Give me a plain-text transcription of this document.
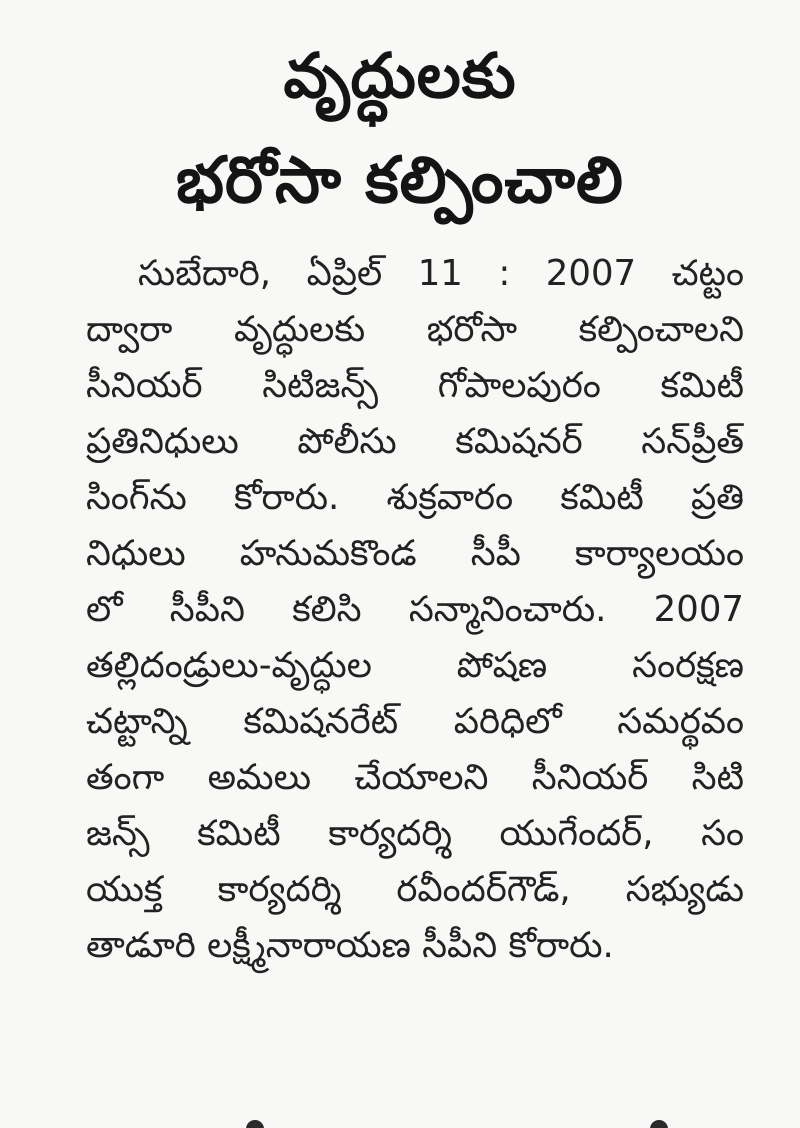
వృద్ధులకు
భరోసా కల్పించాలి
సుబేదారి, ఏప్రిల్ 11 : 2007 చట్టం
ద్వారా వృద్ధులకు భరోసా కల్పించాలని
సీనియర్ సిటిజన్స్ గోపాలపురం కమిటీ
ప్రతినిధులు పోలీసు కమిషనర్ సన్‌ప్రీత్
సింగ్‌ను కోరారు. శుక్రవారం కమిటీ ప్రతి
నిధులు హనుమకొండ సీపీ కార్యాలయం
లో సీపీని కలిసి సన్మానించారు. 2007
తల్లిదండ్రులు-వృద్ధుల పోషణ సంరక్షణ
చట్టాన్ని కమిషనరేట్ పరిధిలో సమర్థవం
తంగా అమలు చేయాలని సీనియర్ సిటి
జన్స్ కమిటీ కార్యదర్శి యుగేందర్, సం
యుక్త కార్యదర్శి రవీందర్‌గౌడ్, సభ్యుడు
తాడూరి లక్ష్మీనారాయణ సీపీని కోరారు.
